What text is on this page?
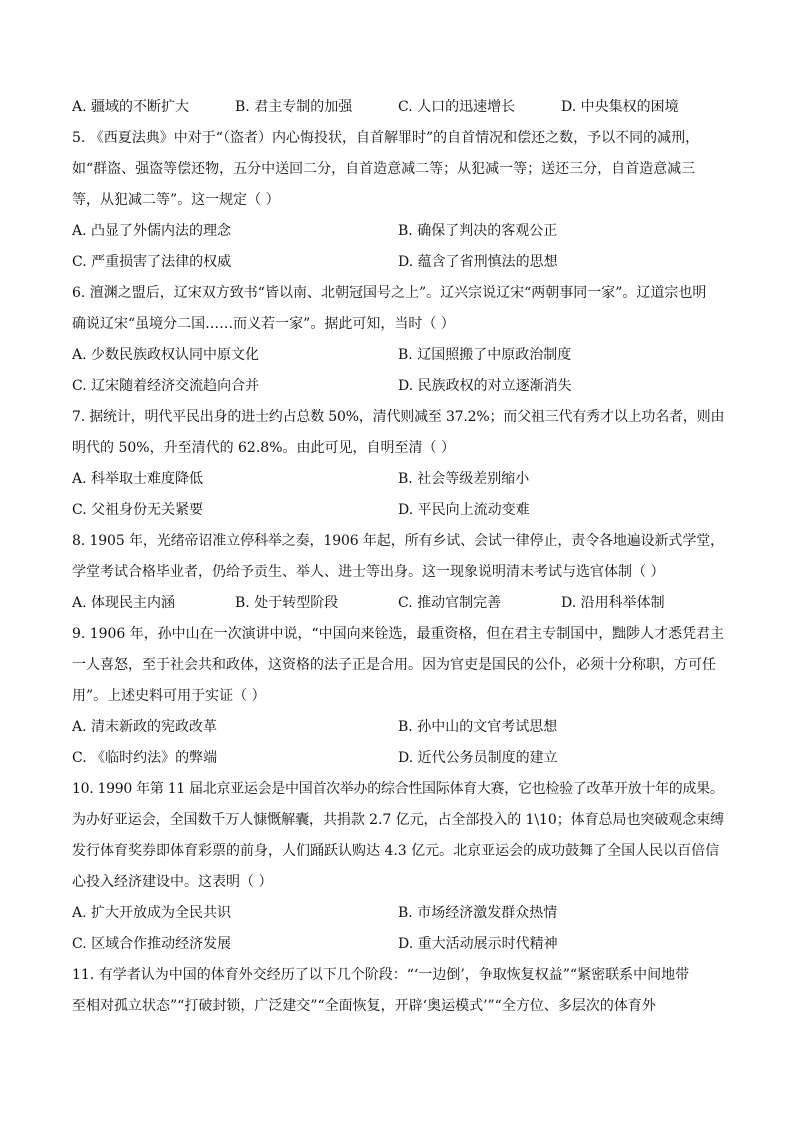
A. 疆域的不断扩大	B. 君主专制的加强	C. 人口的迅速增长	D. 中央集权的困境
5. 《西夏法典》中对于“（盗者）内心悔投状，自首解罪时”的自首情况和偿还之数，予以不同的减刑，
如“群盗、强盗等偿还物，五分中送回二分，自首造意减二等；从犯减一等；送还三分，自首造意减三
等，从犯减二等”。这一规定（ ）
A. 凸显了外儒内法的理念	B. 确保了判决的客观公正
C. 严重损害了法律的权威	D. 蕴含了省刑慎法的思想
6. 澶渊之盟后，辽宋双方致书“皆以南、北朝冠国号之上”。辽兴宗说辽宋“两朝事同一家”。辽道宗也明
确说辽宋“虽境分二国……而义若一家”。据此可知，当时（ ）
A. 少数民族政权认同中原文化	B. 辽国照搬了中原政治制度
C. 辽宋随着经济交流趋向合并	D. 民族政权的对立逐渐消失
7. 据统计，明代平民出身的进士约占总数 50%，清代则减至 37.2%；而父祖三代有秀才以上功名者，则由
明代的 50%，升至清代的 62.8%。由此可见，自明至清（ ）
A. 科举取士难度降低	B. 社会等级差别缩小
C. 父祖身份无关紧要	D. 平民向上流动变难
8. 1905 年，光绪帝诏准立停科举之奏，1906 年起，所有乡试、会试一律停止，责令各地遍设新式学堂，
学堂考试合格毕业者，仍给予贡生、举人、进士等出身。这一现象说明清末考试与选官体制（ ）
A. 体现民主内涵	B. 处于转型阶段	C. 推动官制完善	D. 沿用科举体制
9. 1906 年，孙中山在一次演讲中说，“中国向来铨选，最重资格，但在君主专制国中，黜陟人才悉凭君主
一人喜怒，至于社会共和政体，这资格的法子正是合用。因为官吏是国民的公仆，必须十分称职，方可任
用”。上述史料可用于实证（ ）
A. 清末新政的宪政改革	B. 孙中山的文官考试思想
C. 《临时约法》的弊端	D. 近代公务员制度的建立
10. 1990 年第 11 届北京亚运会是中国首次举办的综合性国际体育大赛，它也检验了改革开放十年的成果。
为办好亚运会，全国数千万人慷慨解囊，共捐款 2.7 亿元，占全部投入的 1\10；体育总局也突破观念束缚
发行体育奖券即体育彩票的前身，人们踊跃认购达 4.3 亿元。北京亚运会的成功鼓舞了全国人民以百倍信
心投入经济建设中。这表明（ ）
A. 扩大开放成为全民共识	B. 市场经济激发群众热情
C. 区域合作推动经济发展	D. 重大活动展示时代精神
11. 有学者认为中国的体育外交经历了以下几个阶段：“‘一边倒’，争取恢复权益”“紧密联系中间地带
至相对孤立状态”“打破封锁，广泛建交”“全面恢复，开辟‘奥运模式’”“全方位、多层次的体育外
